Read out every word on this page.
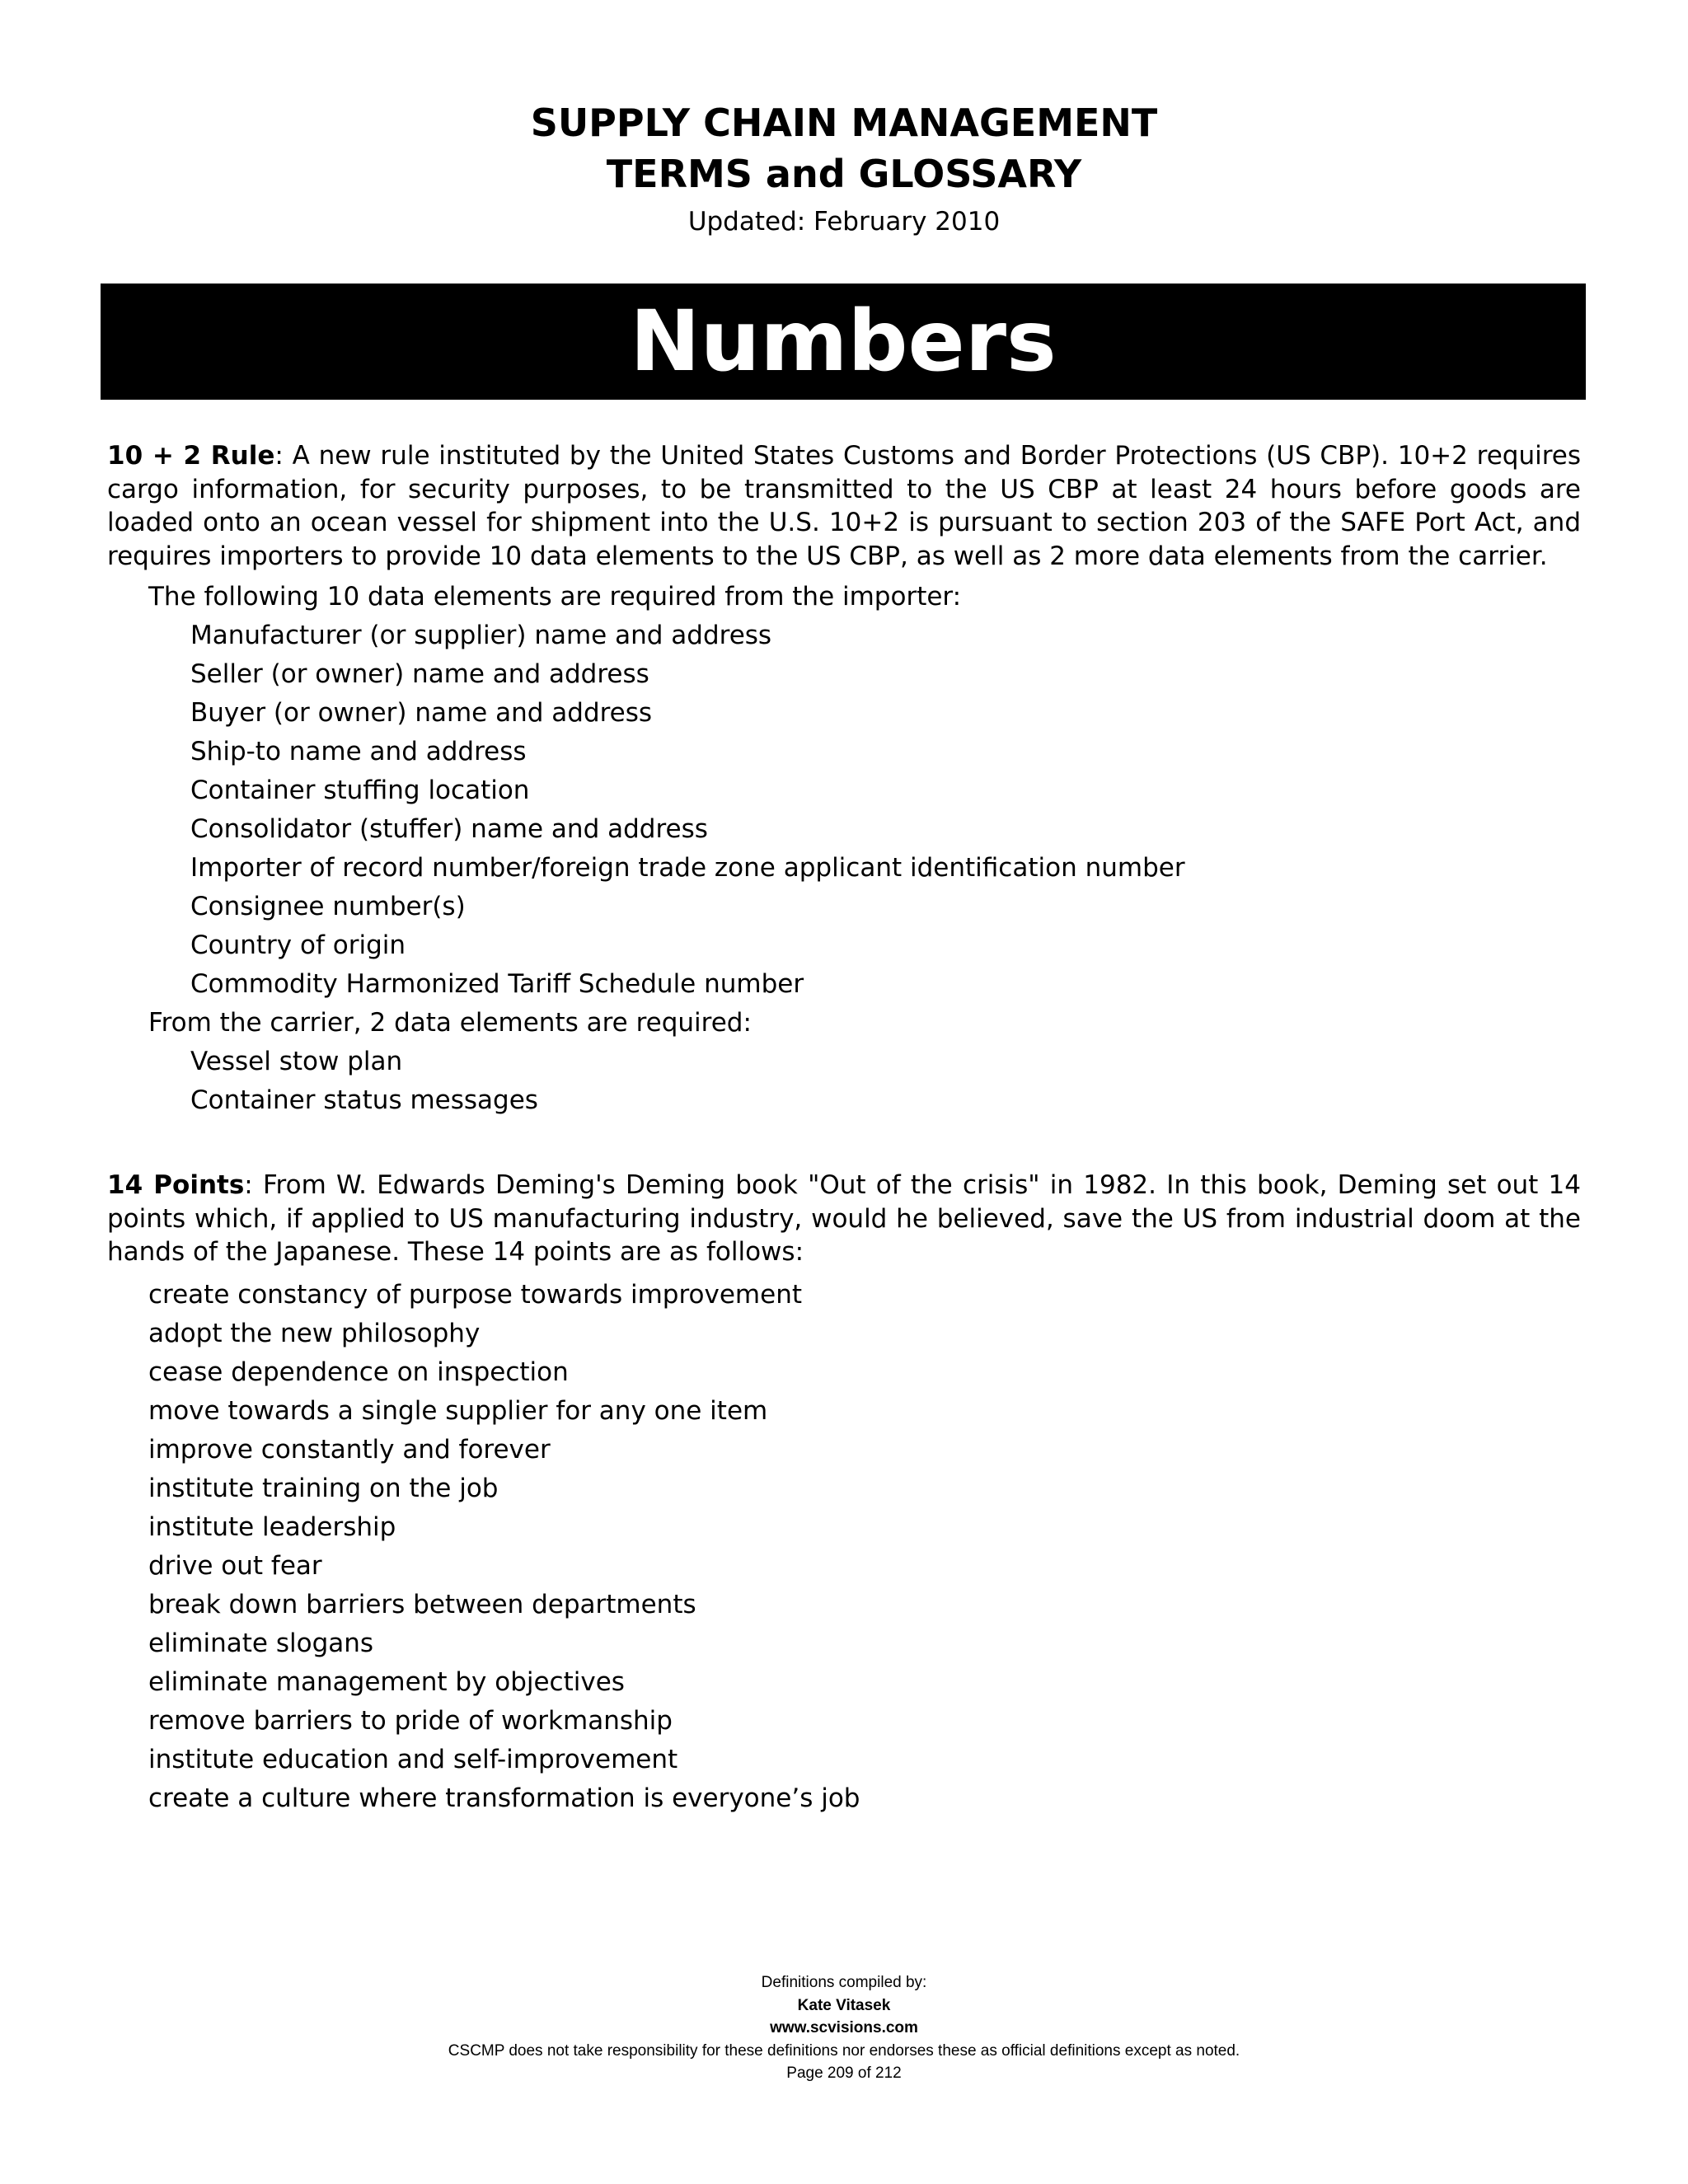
SUPPLY CHAIN MANAGEMENT
TERMS and GLOSSARY
Updated: February 2010
Numbers

10 + 2 Rule: A new rule instituted by the United States Customs and Border Protections (US CBP). 10+2 requires cargo information, for security purposes, to be transmitted to the US CBP at least 24 hours before goods are loaded onto an ocean vessel for shipment into the U.S. 10+2 is pursuant to section 203 of the SAFE Port Act, and requires importers to provide 10 data elements to the US CBP, as well as 2 more data elements from the carrier.

The following 10 data elements are required from the importer:
Manufacturer (or supplier) name and address
Seller (or owner) name and address
Buyer (or owner) name and address
Ship-to name and address
Container stuffing location
Consolidator (stuffer) name and address
Importer of record number/foreign trade zone applicant identification number
Consignee number(s)
Country of origin
Commodity Harmonized Tariff Schedule number
From the carrier, 2 data elements are required:
Vessel stow plan
Container status messages

14 Points: From W. Edwards Deming's Deming book "Out of the crisis" in 1982. In this book, Deming set out 14 points which, if applied to US manufacturing industry, would he believed, save the US from industrial doom at the hands of the Japanese. These 14 points are as follows:

create constancy of purpose towards improvement
adopt the new philosophy
cease dependence on inspection
move towards a single supplier for any one item
improve constantly and forever
institute training on the job
institute leadership
drive out fear
break down barriers between departments
eliminate slogans
eliminate management by objectives
remove barriers to pride of workmanship
institute education and self-improvement
create a culture where transformation is everyone’s job
Definitions compiled by:
Kate Vitasek
www.scvisions.com
CSCMP does not take responsibility for these definitions nor endorses these as official definitions except as noted.
Page 209 of 212
